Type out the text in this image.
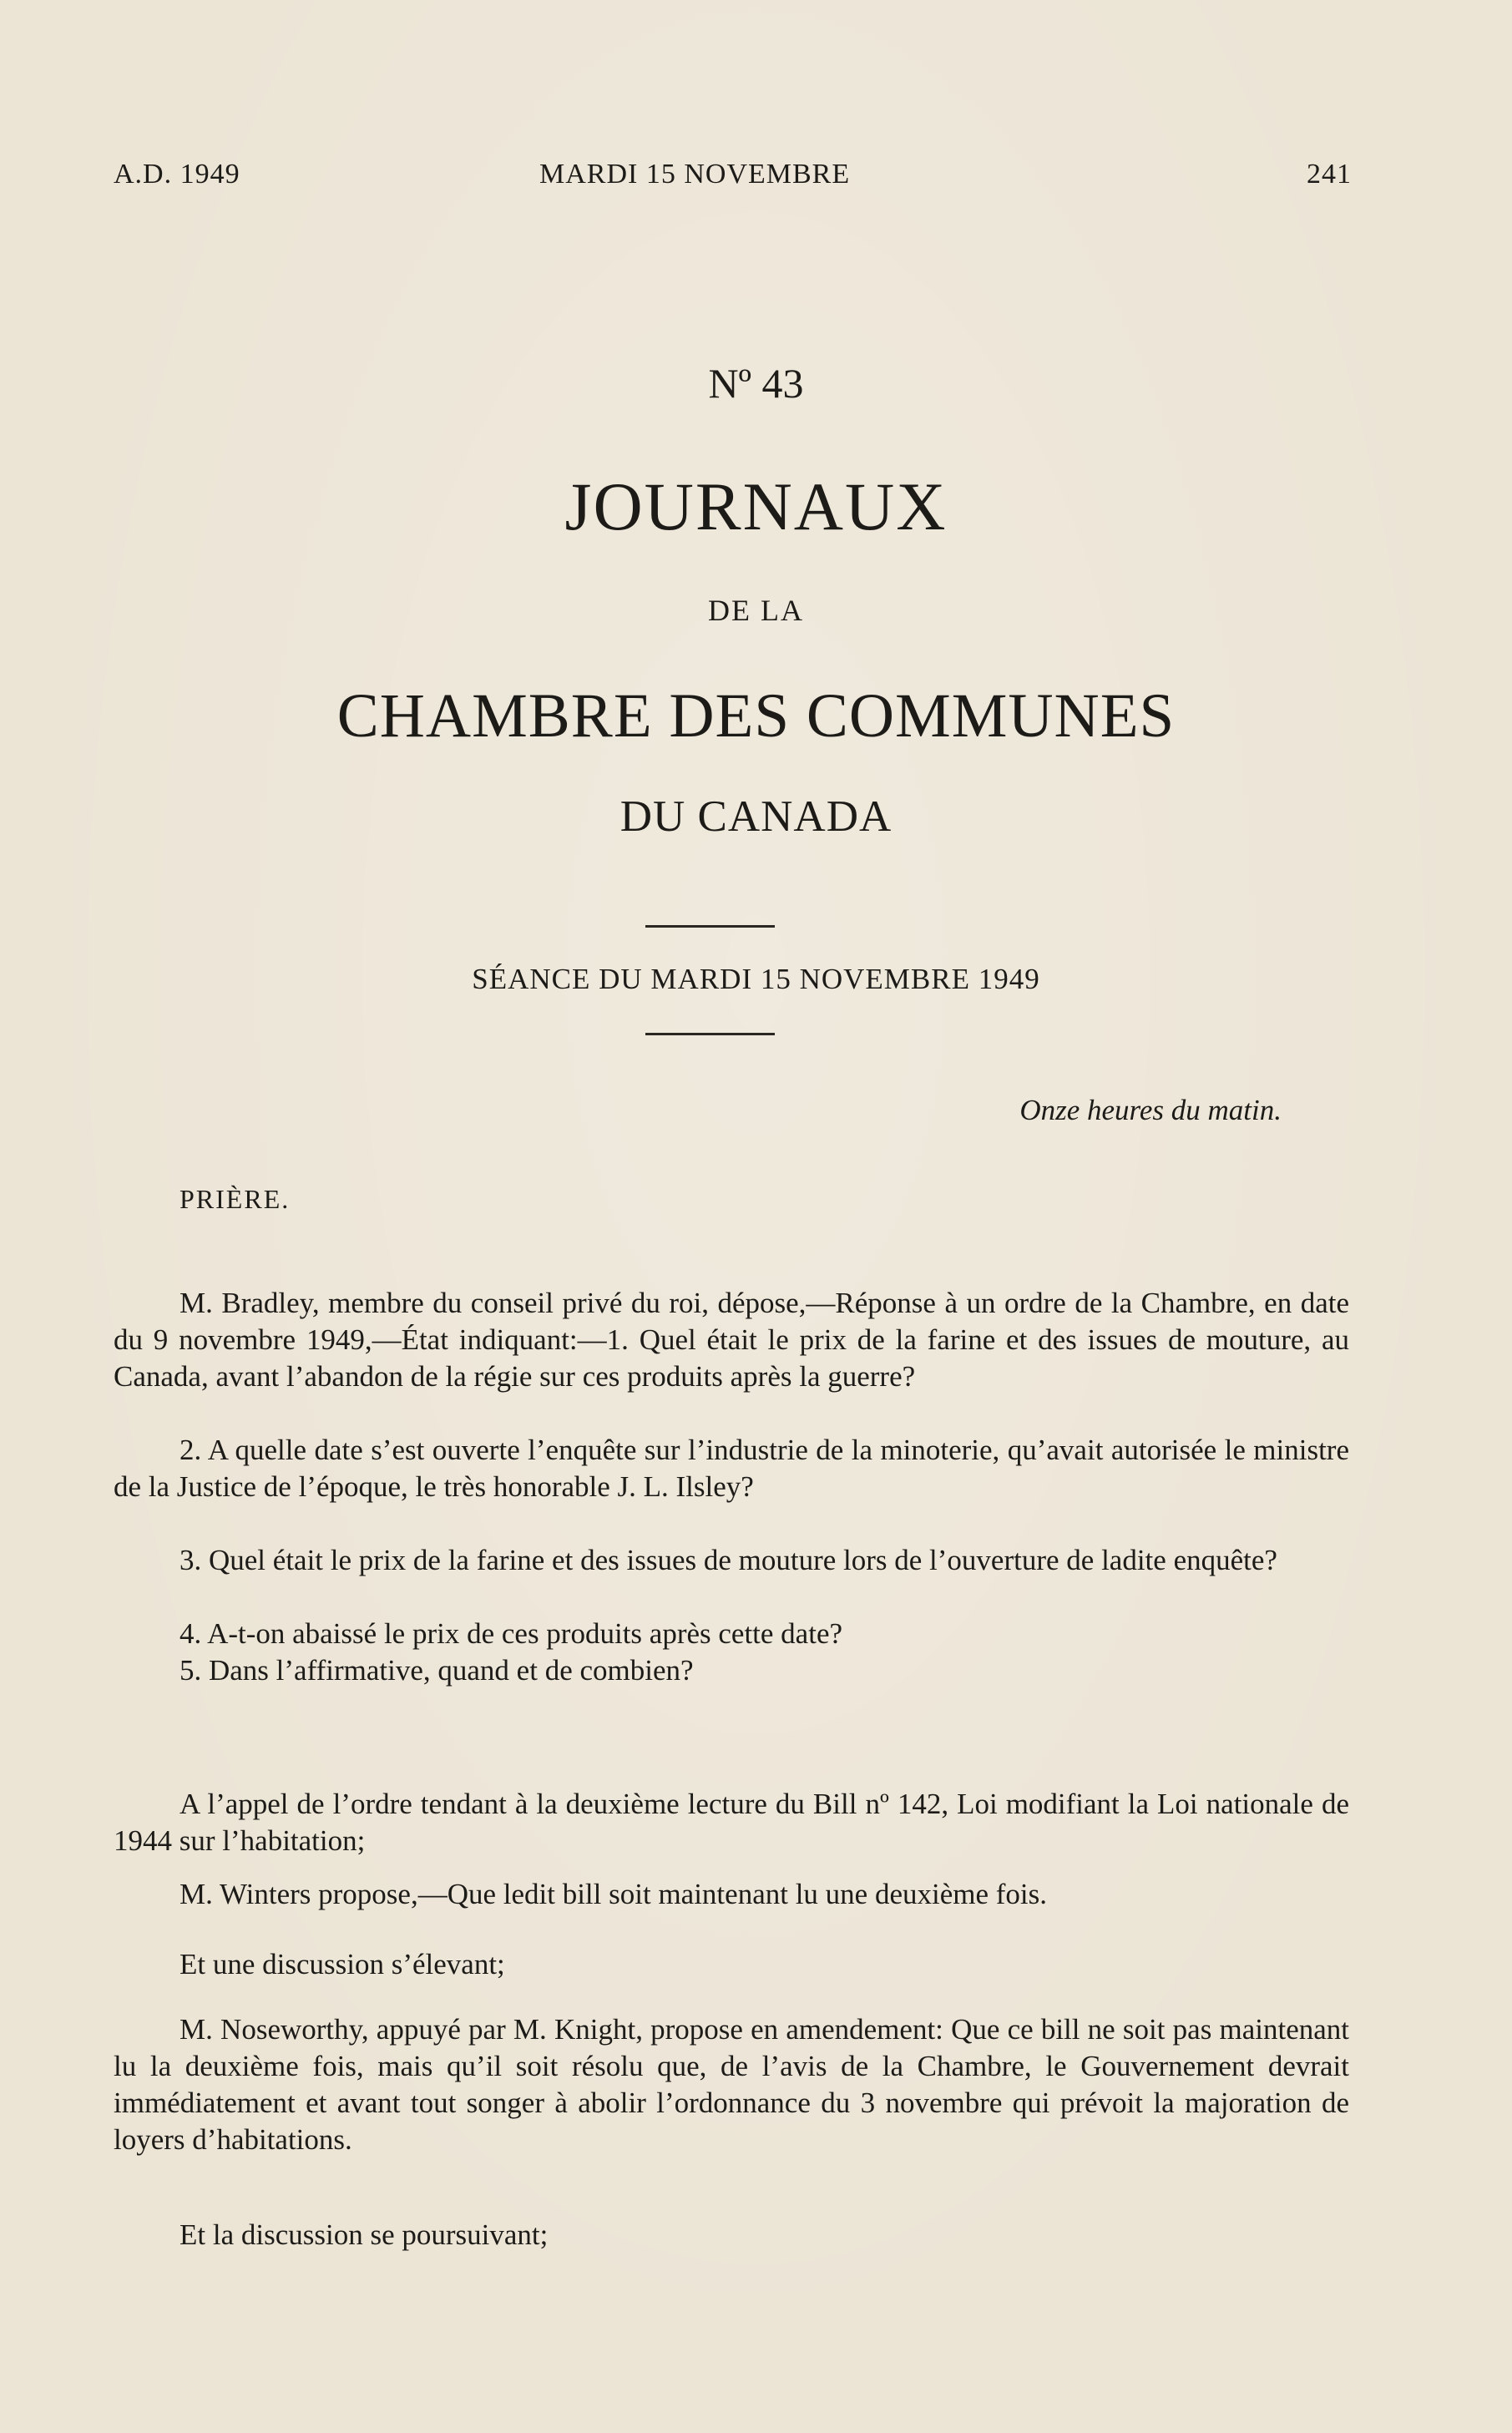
A.D. 1949	MARDI 15 NOVEMBRE	241
Nº 43
JOURNAUX
DE LA
CHAMBRE DES COMMUNES
DU CANADA
SÉANCE DU MARDI 15 NOVEMBRE 1949
Onze heures du matin.
PRIÈRE.

M. Bradley, membre du conseil privé du roi, dépose,—Réponse à un ordre de la Chambre, en date du 9 novembre 1949,—État indiquant:—1. Quel était le prix de la farine et des issues de mouture, au Canada, avant l’abandon de la régie sur ces produits après la guerre?

2. A quelle date s’est ouverte l’enquête sur l’industrie de la minoterie, qu’avait autorisée le ministre de la Justice de l’époque, le très honorable J. L. Ilsley?

3. Quel était le prix de la farine et des issues de mouture lors de l’ouverture de ladite enquête?

4. A-t-on abaissé le prix de ces produits après cette date?

5. Dans l’affirmative, quand et de combien?

A l’appel de l’ordre tendant à la deuxième lecture du Bill nº 142, Loi modifiant la Loi nationale de 1944 sur l’habitation;

M. Winters propose,—Que ledit bill soit maintenant lu une deuxième fois.

Et une discussion s’élevant;

M. Noseworthy, appuyé par M. Knight, propose en amendement: Que ce bill ne soit pas maintenant lu la deuxième fois, mais qu’il soit résolu que, de l’avis de la Chambre, le Gouvernement devrait immédiatement et avant tout songer à abolir l’ordonnance du 3 novembre qui prévoit la majoration de loyers d’habitations.

Et la discussion se poursuivant;
